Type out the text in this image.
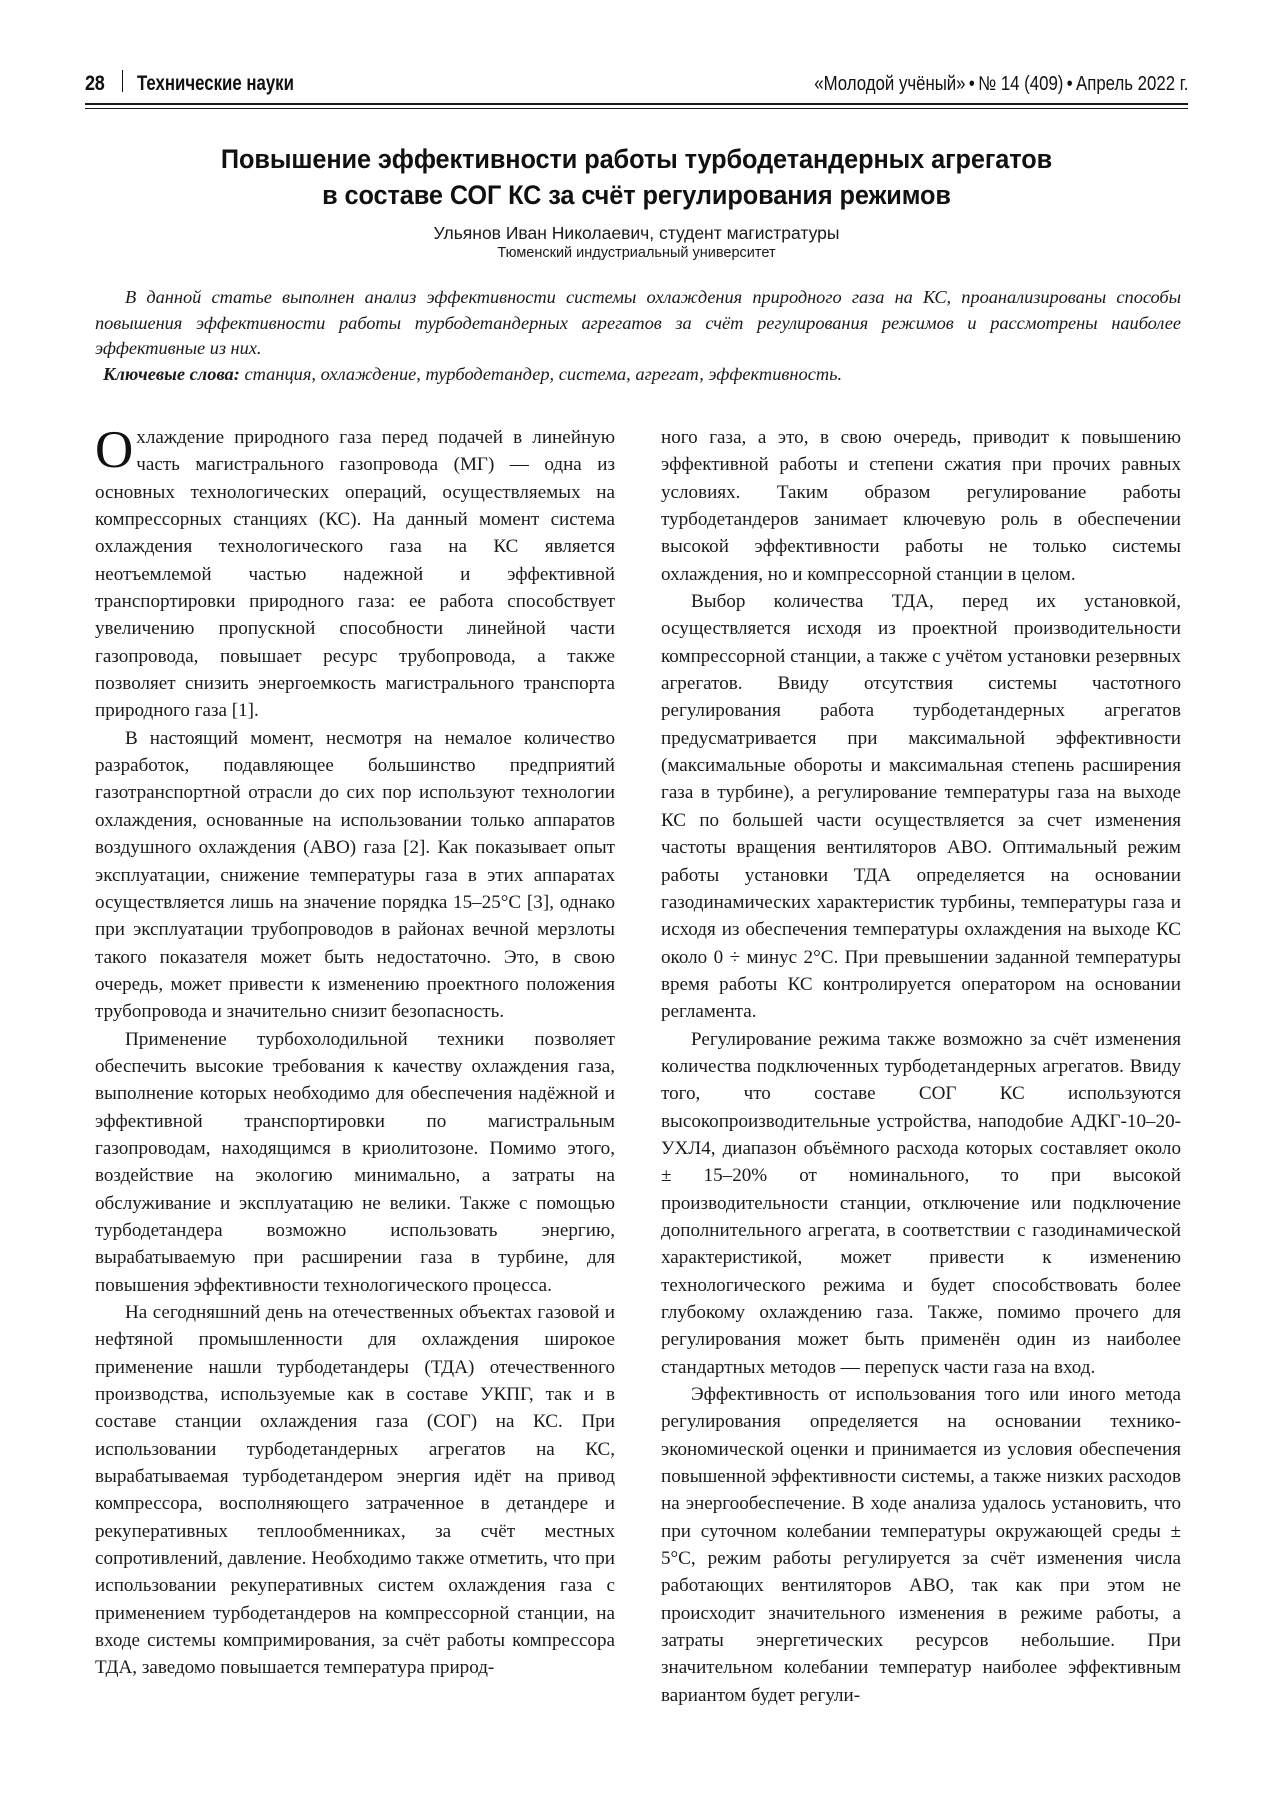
28 Технические науки	«Молодой учёный» • № 14 (409) • Апрель 2022 г.
Повышение эффективности работы турбодетандерных агрегатов
в составе СОГ КС за счёт регулирования режимов
Ульянов Иван Николаевич, студент магистратуры
Тюменский индустриальный университет
В данной статье выполнен анализ эффективности системы охлаждения природного газа на КС, проанализированы способы повышения эффективности работы турбодетандерных агрегатов за счёт регулирования режимов и рассмотрены наиболее эффективные из них.
Ключевые слова: станция, охлаждение, турбодетандер, система, агрегат, эффективность.

Охлаждение природного газа перед подачей в линейную часть магистрального газопровода (МГ) — одна из основных технологических операций, осуществляемых на компрессорных станциях (КС). На данный момент система охлаждения технологического газа на КС является неотъемлемой частью надежной и эффективной транспортировки природного газа: ее работа способствует увеличению пропускной способности линейной части газопровода, повышает ресурс трубопровода, а также позволяет снизить энергоемкость магистрального транспорта природного газа [1].

В настоящий момент, несмотря на немалое количество разработок, подавляющее большинство предприятий газотранспортной отрасли до сих пор используют технологии охлаждения, основанные на использовании только аппаратов воздушного охлаждения (АВО) газа [2]. Как показывает опыт эксплуатации, снижение температуры газа в этих аппаратах осуществляется лишь на значение порядка 15–25°С [3], однако при эксплуатации трубопроводов в районах вечной мерзлоты такого показателя может быть недостаточно. Это, в свою очередь, может привести к изменению проектного положения трубопровода и значительно снизит безопасность.

Применение турбохолодильной техники позволяет обеспечить высокие требования к качеству охлаждения газа, выполнение которых необходимо для обеспечения надёжной и эффективной транспортировки по магистральным газопроводам, находящимся в криолитозоне. Помимо этого, воздействие на экологию минимально, а затраты на обслуживание и эксплуатацию не велики. Также с помощью турбодетандера возможно использовать энергию, вырабатываемую при расширении газа в турбине, для повышения эффективности технологического процесса.

На сегодняшний день на отечественных объектах газовой и нефтяной промышленности для охлаждения широкое применение нашли турбодетандеры (ТДА) отечественного производства, используемые как в составе УКПГ, так и в составе станции охлаждения газа (СОГ) на КС. При использовании турбодетандерных агрегатов на КС, вырабатываемая турбодетандером энергия идёт на привод компрессора, восполняющего затраченное в детандере и рекуперативных теплообменниках, за счёт местных сопротивлений, давление. Необходимо также отметить, что при использовании рекуперативных систем охлаждения газа с применением турбодетандеров на компрессорной станции, на входе системы компримирования, за счёт работы компрессора ТДА, заведомо повышается температура природ-

ного газа, а это, в свою очередь, приводит к повышению эффективной работы и степени сжатия при прочих равных условиях. Таким образом регулирование работы турбодетандеров занимает ключевую роль в обеспечении высокой эффективности работы не только системы охлаждения, но и компрессорной станции в целом.

Выбор количества ТДА, перед их установкой, осуществляется исходя из проектной производительности компрессорной станции, а также с учётом установки резервных агрегатов. Ввиду отсутствия системы частотного регулирования работа турбодетандерных агрегатов предусматривается при максимальной эффективности (максимальные обороты и максимальная степень расширения газа в турбине), а регулирование температуры газа на выходе КС по большей части осуществляется за счет изменения частоты вращения вентиляторов АВО. Оптимальный режим работы установки ТДА определяется на основании газодинамических характеристик турбины, температуры газа и исходя из обеспечения температуры охлаждения на выходе КС около 0 ÷ минус 2°С. При превышении заданной температуры время работы КС контролируется оператором на основании регламента.

Регулирование режима также возможно за счёт изменения количества подключенных турбодетандерных агрегатов. Ввиду того, что составе СОГ КС используются высокопроизводительные устройства, наподобие АДКГ-10–20-УХЛ4, диапазон объёмного расхода которых составляет около ± 15–20% от номинального, то при высокой производительности станции, отключение или подключение дополнительного агрегата, в соответствии с газодинамической характеристикой, может привести к изменению технологического режима и будет способствовать более глубокому охлаждению газа. Также, помимо прочего для регулирования может быть применён один из наиболее стандартных методов — перепуск части газа на вход.

Эффективность от использования того или иного метода регулирования определяется на основании технико-экономической оценки и принимается из условия обеспечения повышенной эффективности системы, а также низких расходов на энергообеспечение. В ходе анализа удалось установить, что при суточном колебании температуры окружающей среды ± 5°С, режим работы регулируется за счёт изменения числа работающих вентиляторов АВО, так как при этом не происходит значительного изменения в режиме работы, а затраты энергетических ресурсов небольшие. При значительном колебании температур наиболее эффективным вариантом будет регули-
